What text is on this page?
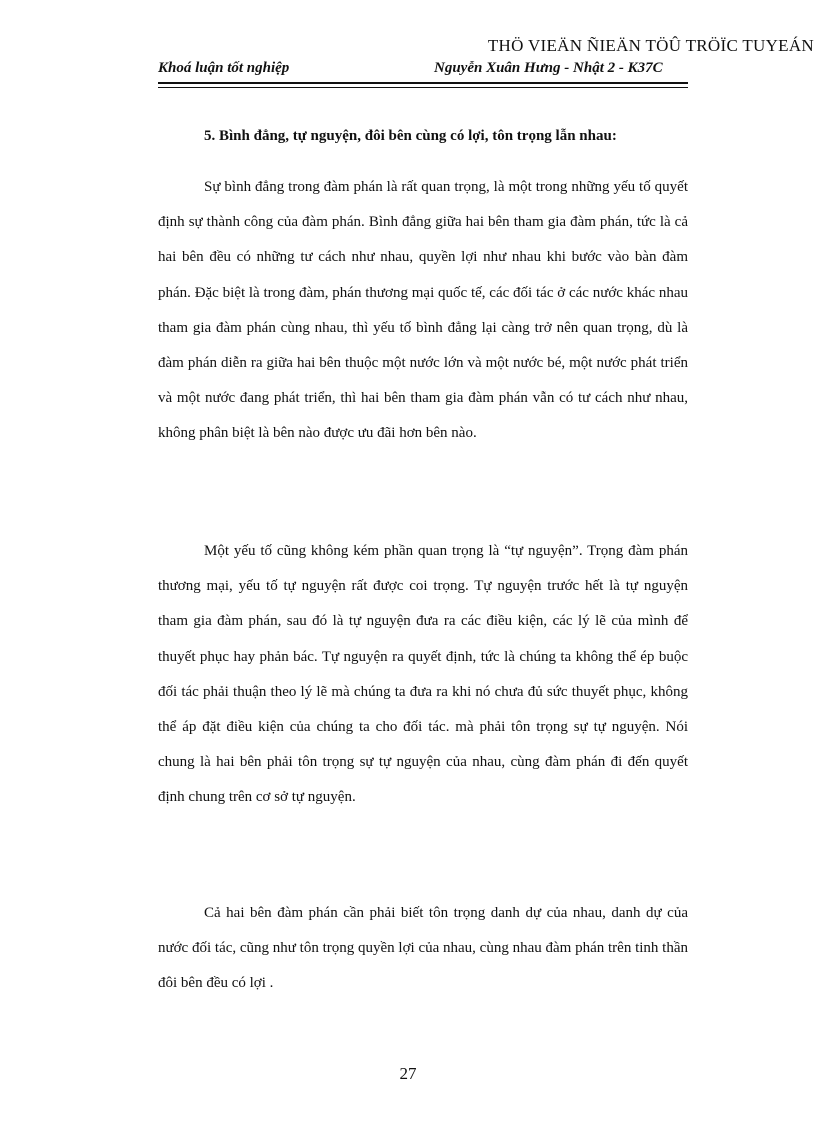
THÖ VIEÄN ÑIEÄN TÖÛ TRÖÏC TUYEÁN
Khoá luận tốt nghiệp	Nguyễn Xuân Hưng - Nhật 2 - K37C
5. Bình đẳng, tự nguyện, đôi bên cùng có lợi, tôn trọng lẫn nhau:

Sự bình đẳng trong đàm phán là rất quan trọng, là một trong những yếu tố quyết định sự thành công của đàm phán. Bình đẳng giữa hai bên tham gia đàm phán, tức là cả hai bên đều có những tư cách như nhau, quyền lợi như nhau khi bước vào bàn đàm phán. Đặc biệt là trong đàm, phán thương mại quốc tế, các đối tác ở các nước khác nhau tham gia đàm phán cùng nhau, thì yếu tố bình đẳng lại càng trở nên quan trọng, dù là đàm phán diễn ra giữa hai bên thuộc một nước lớn và một nước bé, một nước phát triển và một nước đang phát triển, thì hai bên tham gia đàm phán vẫn có tư cách như nhau, không phân biệt là bên nào được ưu đãi hơn bên nào.

Một yếu tố cũng không kém phần quan trọng là “tự nguyện”. Trọng đàm phán thương mại, yếu tố tự nguyện rất được coi trọng. Tự nguyện trước hết là tự nguyện tham gia đàm phán, sau đó là tự nguyện đưa ra các điều kiện, các lý lẽ của mình để thuyết phục hay phản bác. Tự nguyện ra quyết định, tức là chúng ta không thể ép buộc đối tác phải thuận theo lý lẽ mà chúng ta đưa ra khi nó chưa đủ sức thuyết phục, không thể áp đặt điều kiện của chúng ta cho đối tác. mà phải tôn trọng sự tự nguyện. Nói chung là hai bên phải tôn trọng sự tự nguyện của nhau, cùng đàm phán đi đến quyết định chung trên cơ sở tự nguyện.

Cả hai bên đàm phán cần phải biết tôn trọng danh dự của nhau, danh dự của nước đối tác, cũng như tôn trọng quyền lợi của nhau, cùng nhau đàm phán trên tinh thần đôi bên đều có lợi .

27
